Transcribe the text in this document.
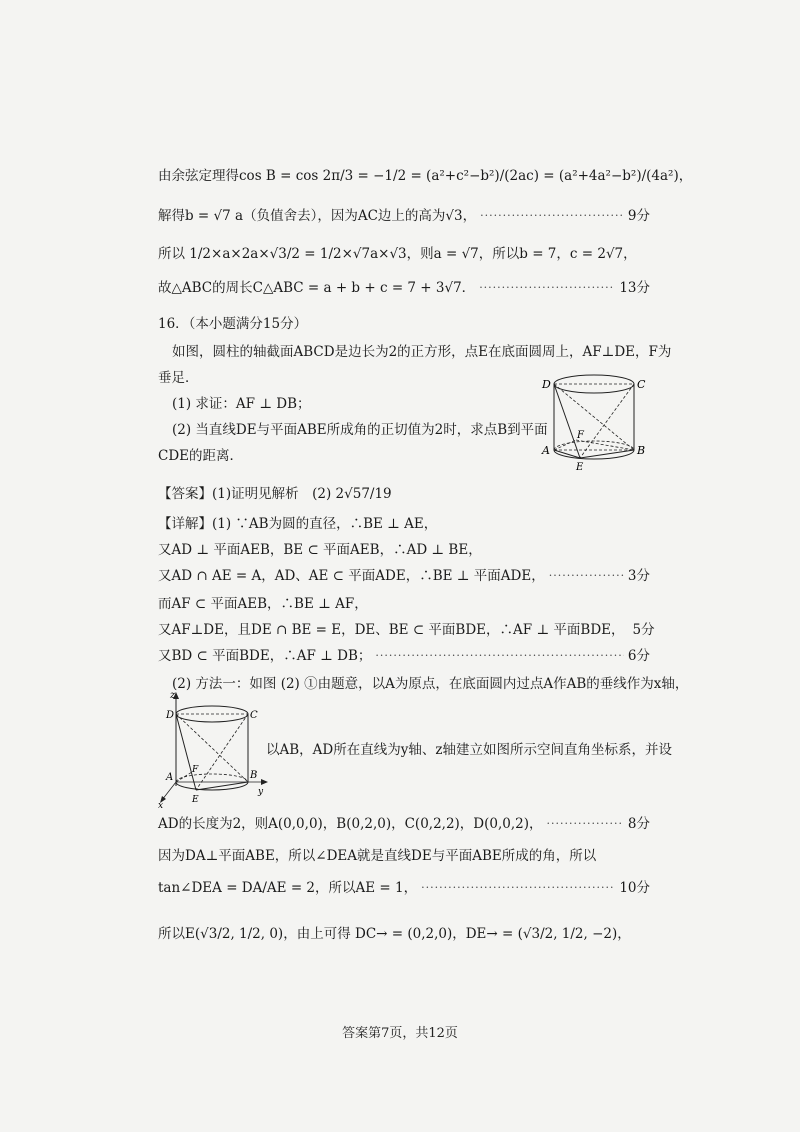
由余弦定理得cos B = cos 2π/3 = −1/2 = (a²+c²−b²)/(2ac) = (a²+4a²−b²)/(4a²)，
解得b = √7 a（负值舍去），因为AC边上的高为√3， ·····	9分
所以 1/2×a×2a×√3/2 = 1/2×√7a×√3，则a = √7，所以b = 7，c = 2√7，
故△ABC的周长C△ABC = a + b + c = 7 + 3√7． ·····	13分
16．（本小题满分15分）
如图，圆柱的轴截面ABCD是边长为2的正方形，点E在底面圆周上，AF⊥DE，F为
垂足．
(1) 求证：AF ⊥ DB；
(2) 当直线DE与平面ABE所成角的正切值为2时，求点B到平面
CDE的距离．
D	C
A	B
F
E
【答案】(1)证明见解析　(2) 2√57/19
【详解】(1) ∵AB为圆的直径，∴BE ⊥ AE，
又AD ⊥ 平面AEB，BE ⊂ 平面AEB，∴AD ⊥ BE，
又AD ∩ AE = A，AD、AE ⊂ 平面ADE，∴BE ⊥ 平面ADE， ·····	3分
而AF ⊂ 平面AEB，∴BE ⊥ AF，
又AF⊥DE，且DE ∩ BE = E，DE、BE ⊂ 平面BDE，∴AF ⊥ 平面BDE， 5分
又BD ⊂ 平面BDE，∴AF ⊥ DB； ·····	6分
(2) 方法一：如图 (2) ①由题意，以A为原点，在底面圆内过点A作AB的垂线作为x轴，
z
D	C
A	B
F
E
x
y
以AB，AD所在直线为y轴、z轴建立如图所示空间直角坐标系，并设
AD的长度为2，则A(0,0,0)，B(0,2,0)，C(0,2,2)，D(0,0,2)， ·····	8分
因为DA⊥平面ABE，所以∠DEA就是直线DE与平面ABE所成的角，所以
tan∠DEA = DA/AE = 2，所以AE = 1， ·····	10分
所以E(√3/2, 1/2, 0)，由上可得 DC→ = (0,2,0)，DE→ = (√3/2, 1/2, −2)，
答案第7页，共12页
